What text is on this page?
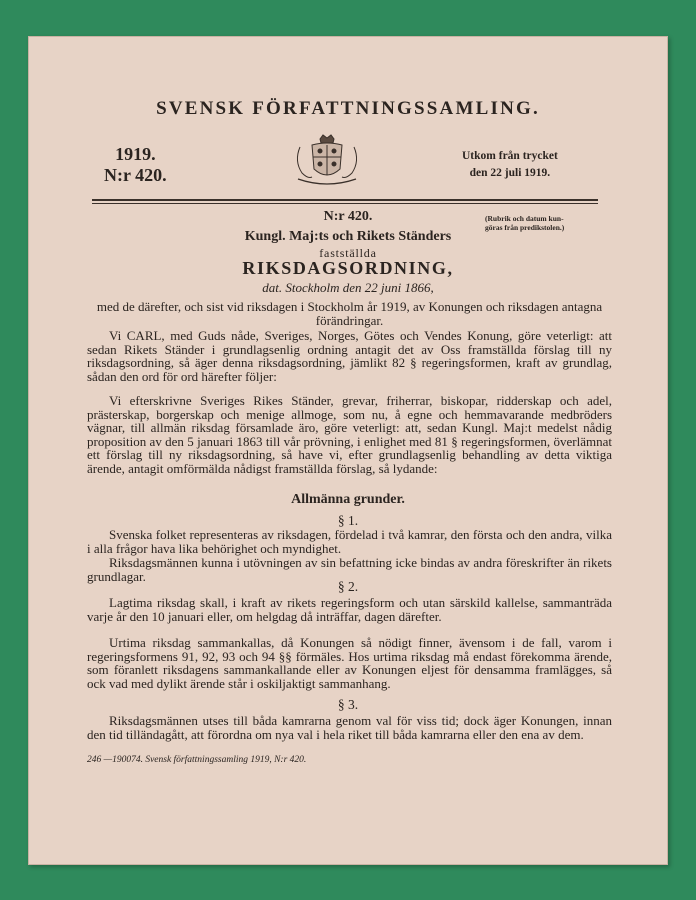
SVENSK FÖRFATTNINGSSAMLING.
1919.
N:r 420.
Utkom från trycket
den 22 juli 1919.
N:r 420.	(Rubrik och datum kun-
göras från predikstolen.)
Kungl. Maj:ts och Rikets Ständers
fastställda
RIKSDAGSORDNING,
dat. Stockholm den 22 juni 1866,
med de därefter, och sist vid riksdagen i Stockholm år 1919, av Konungen och riksdagen antagna förändringar.
Vi CARL, med Guds nåde, Sveriges, Norges, Götes och Vendes Konung, göre veterligt: att sedan Rikets Ständer i grundlagsenlig ordning antagit det av Oss framställda förslag till ny riksdagsordning, så äger denna riksdagsordning, jämlikt 82 § regeringsformen, kraft av grundlag, sådan den ord för ord härefter följer:
Vi efterskrivne Sveriges Rikes Ständer, grevar, friherrar, biskopar, ridderskap och adel, prästerskap, borgerskap och menige allmoge, som nu, å egne och hemmavarande medbröders vägnar, till allmän riksdag församlade äro, göre veterligt: att, sedan Kungl. Maj:t medelst nådig proposition av den 5 januari 1863 till vår prövning, i enlighet med 81 § regeringsformen, överlämnat ett förslag till ny riksdagsordning, så have vi, efter grundlagsenlig behandling av detta viktiga ärende, antagit omförmälda nådigst framställda förslag, så lydande:
Allmänna grunder.
§ 1.
Svenska folket representeras av riksdagen, fördelad i två kamrar, den första och den andra, vilka i alla frågor hava lika behörighet och myndighet.
Riksdagsmännen kunna i utövningen av sin befattning icke bindas av andra föreskrifter än rikets grundlagar.
§ 2.
Lagtima riksdag skall, i kraft av rikets regeringsform och utan särskild kallelse, sammanträda varje år den 10 januari eller, om helgdag då inträffar, dagen därefter.
Urtima riksdag sammankallas, då Konungen så nödigt finner, ävensom i de fall, varom i regeringsformens 91, 92, 93 och 94 §§ förmäles. Hos urtima riksdag må endast förekomma ärende, som föranlett riksdagens sammankallande eller av Konungen eljest för densamma framlägges, så ock vad med dylikt ärende står i oskiljaktigt sammanhang.
§ 3.
Riksdagsmännen utses till båda kamrarna genom val för viss tid; dock äger Konungen, innan den tid tilländagått, att förordna om nya val i hela riket till båda kamrarna eller den ena av dem.
246 —190074. Svensk författningssamling 1919, N:r 420.
